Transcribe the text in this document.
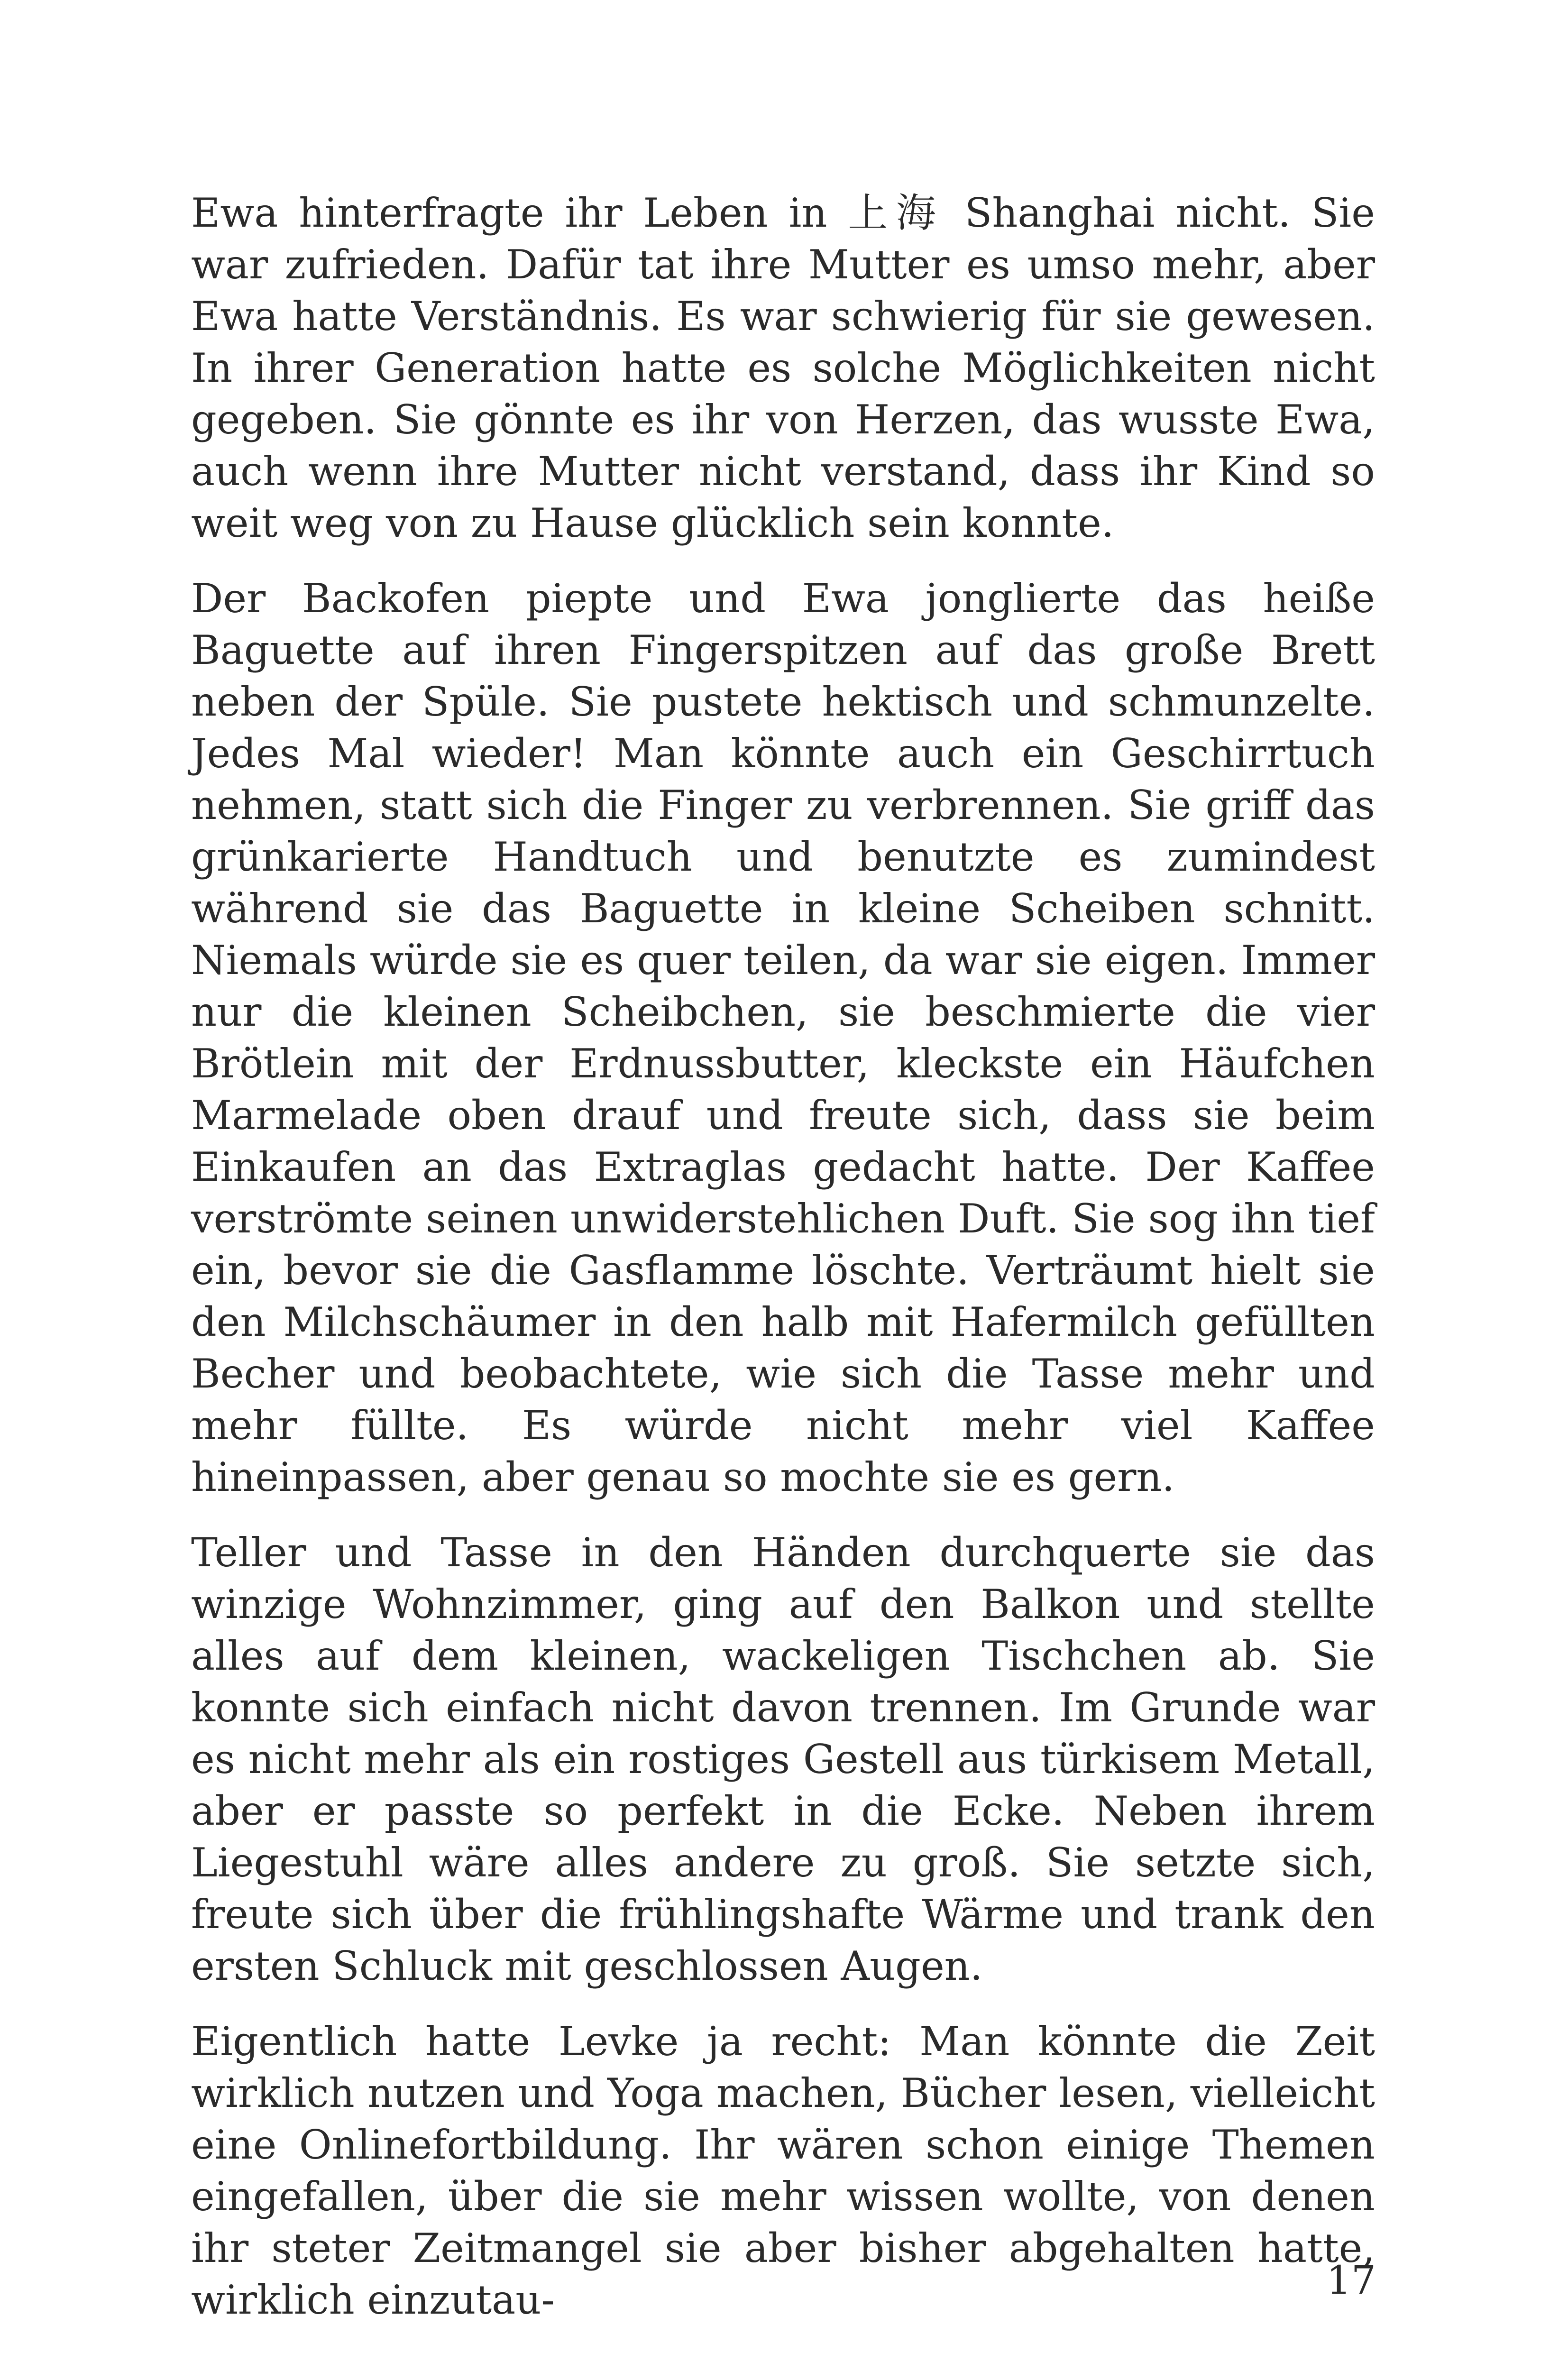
Ewa hinterfragte ihr Leben in 上海 Shanghai nicht. Sie war zufrieden. Dafür tat ihre Mutter es umso mehr, aber Ewa hatte Verständnis. Es war schwierig für sie gewesen. In ihrer Generation hatte es solche Möglichkeiten nicht gegeben. Sie gönnte es ihr von Herzen, das wusste Ewa, auch wenn ihre Mutter nicht verstand, dass ihr Kind so weit weg von zu Hause glücklich sein konnte.

Der Backofen piepte und Ewa jonglierte das heiße Baguette auf ihren Fingerspitzen auf das große Brett neben der Spüle. Sie pustete hektisch und schmunzelte. Jedes Mal wieder! Man könnte auch ein Geschirrtuch nehmen, statt sich die Finger zu verbrennen. Sie griff das grünkarierte Handtuch und benutzte es zumindest während sie das Baguette in kleine Scheiben schnitt. Niemals würde sie es quer teilen, da war sie eigen. Immer nur die kleinen Scheibchen, sie beschmierte die vier Brötlein mit der Erdnussbutter, kleckste ein Häufchen Marmelade oben drauf und freute sich, dass sie beim Einkaufen an das Extraglas gedacht hatte. Der Kaffee verströmte seinen unwiderstehlichen Duft. Sie sog ihn tief ein, bevor sie die Gasflamme löschte. Verträumt hielt sie den Milchschäumer in den halb mit Hafermilch gefüllten Becher und beobachtete, wie sich die Tasse mehr und mehr füllte. Es würde nicht mehr viel Kaffee hineinpassen, aber genau so mochte sie es gern.

Teller und Tasse in den Händen durchquerte sie das winzige Wohnzimmer, ging auf den Balkon und stellte alles auf dem kleinen, wackeligen Tischchen ab. Sie konnte sich einfach nicht davon trennen. Im Grunde war es nicht mehr als ein rostiges Gestell aus türkisem Metall, aber er passte so perfekt in die Ecke. Neben ihrem Liegestuhl wäre alles andere zu groß. Sie setzte sich, freute sich über die frühlingshafte Wärme und trank den ersten Schluck mit geschlossen Augen.

Eigentlich hatte Levke ja recht: Man könnte die Zeit wirklich nutzen und Yoga machen, Bücher lesen, vielleicht eine Onlinefortbildung. Ihr wären schon einige Themen eingefallen, über die sie mehr wissen wollte, von denen ihr steter Zeitmangel sie aber bisher abgehalten hatte, wirklich einzutau-	17
